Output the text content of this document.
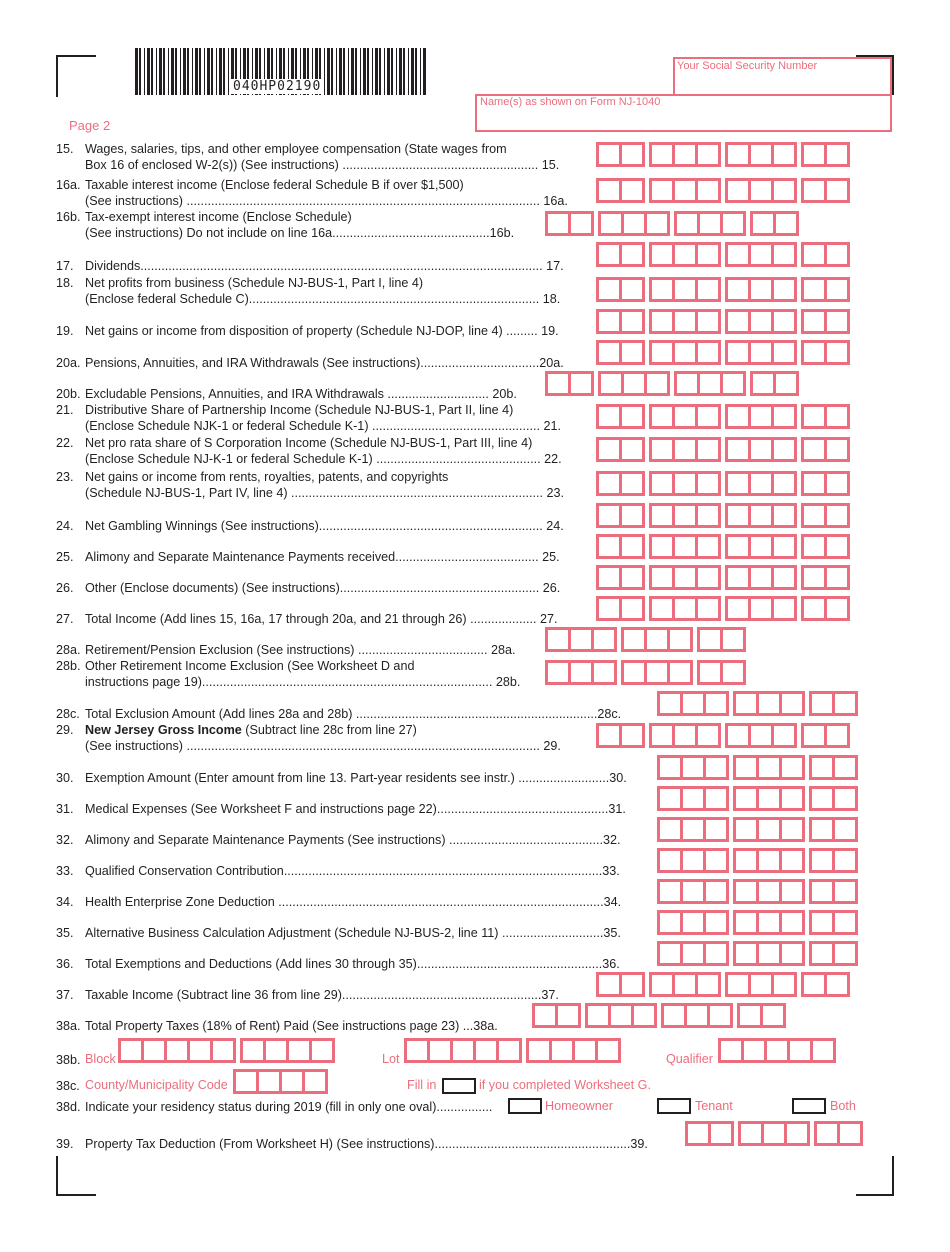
040HP02190
Your Social Security Number
Name(s) as shown on Form NJ-1040
Page 2
15. Wages, salaries, tips, and other employee compensation (State wages from
Box 16 of enclosed W-2(s)) (See instructions) ........................................................ 15.
16a. Taxable interest income (Enclose federal Schedule B if over $1,500)
(See instructions) ..................................................................................................... 16a.
16b. Tax-exempt interest income (Enclose Schedule)
(See instructions) Do not include on line 16a.............................................16b.
17. Dividends................................................................................................................... 17.
18. Net profits from business (Schedule NJ-BUS-1, Part I, line 4)
(Enclose federal Schedule C)................................................................................... 18.
19. Net gains or income from disposition of property (Schedule NJ-DOP, line 4) ......... 19.
20a. Pensions, Annuities, and IRA Withdrawals (See instructions)..................................20a.
20b. Excludable Pensions, Annuities, and IRA Withdrawals ............................. 20b.
21. Distributive Share of Partnership Income (Schedule NJ-BUS-1, Part II, line 4)
(Enclose Schedule NJK-1 or federal Schedule K-1) ................................................ 21.
22. Net pro rata share of S Corporation Income (Schedule NJ-BUS-1, Part III, line 4)
(Enclose Schedule NJ-K-1 or federal Schedule K-1) ............................................... 22.
23. Net gains or income from rents, royalties, patents, and copyrights
(Schedule NJ-BUS-1, Part IV, line 4) ........................................................................ 23.
24. Net Gambling Winnings (See instructions)................................................................ 24.
25. Alimony and Separate Maintenance Payments received......................................... 25.
26. Other (Enclose documents) (See instructions)......................................................... 26.
27. Total Income (Add lines 15, 16a, 17 through 20a, and 21 through 26) ................... 27.
28a. Retirement/Pension Exclusion (See instructions) ..................................... 28a.
28b. Other Retirement Income Exclusion (See Worksheet D and
instructions page 19)................................................................................... 28b.
28c. Total Exclusion Amount (Add lines 28a and 28b) .....................................................................28c.
29. New Jersey Gross Income (Subtract line 28c from line 27)
(See instructions) ..................................................................................................... 29.
30. Exemption Amount (Enter amount from line 13. Part-year residents see instr.) ..........................30.
31. Medical Expenses (See Worksheet F and instructions page 22).................................................31.
32. Alimony and Separate Maintenance Payments (See instructions) ............................................32.
33. Qualified Conservation Contribution...........................................................................................33.
34. Health Enterprise Zone Deduction .............................................................................................34.
35. Alternative Business Calculation Adjustment (Schedule NJ-BUS-2, line 11) .............................35.
36. Total Exemptions and Deductions (Add lines 30 through 35).....................................................36.
37. Taxable Income (Subtract line 36 from line 29).........................................................37.
38a. Total Property Taxes (18% of Rent) Paid (See instructions page 23) ...38a.
38b. Block	Lot	Qualifier
38c. County/Municipality Code	Fill in	if you completed Worksheet G.
38d. Indicate your residency status during 2019 (fill in only one oval)................	Homeowner	Tenant	Both
39. Property Tax Deduction (From Worksheet H) (See instructions)........................................................39.
